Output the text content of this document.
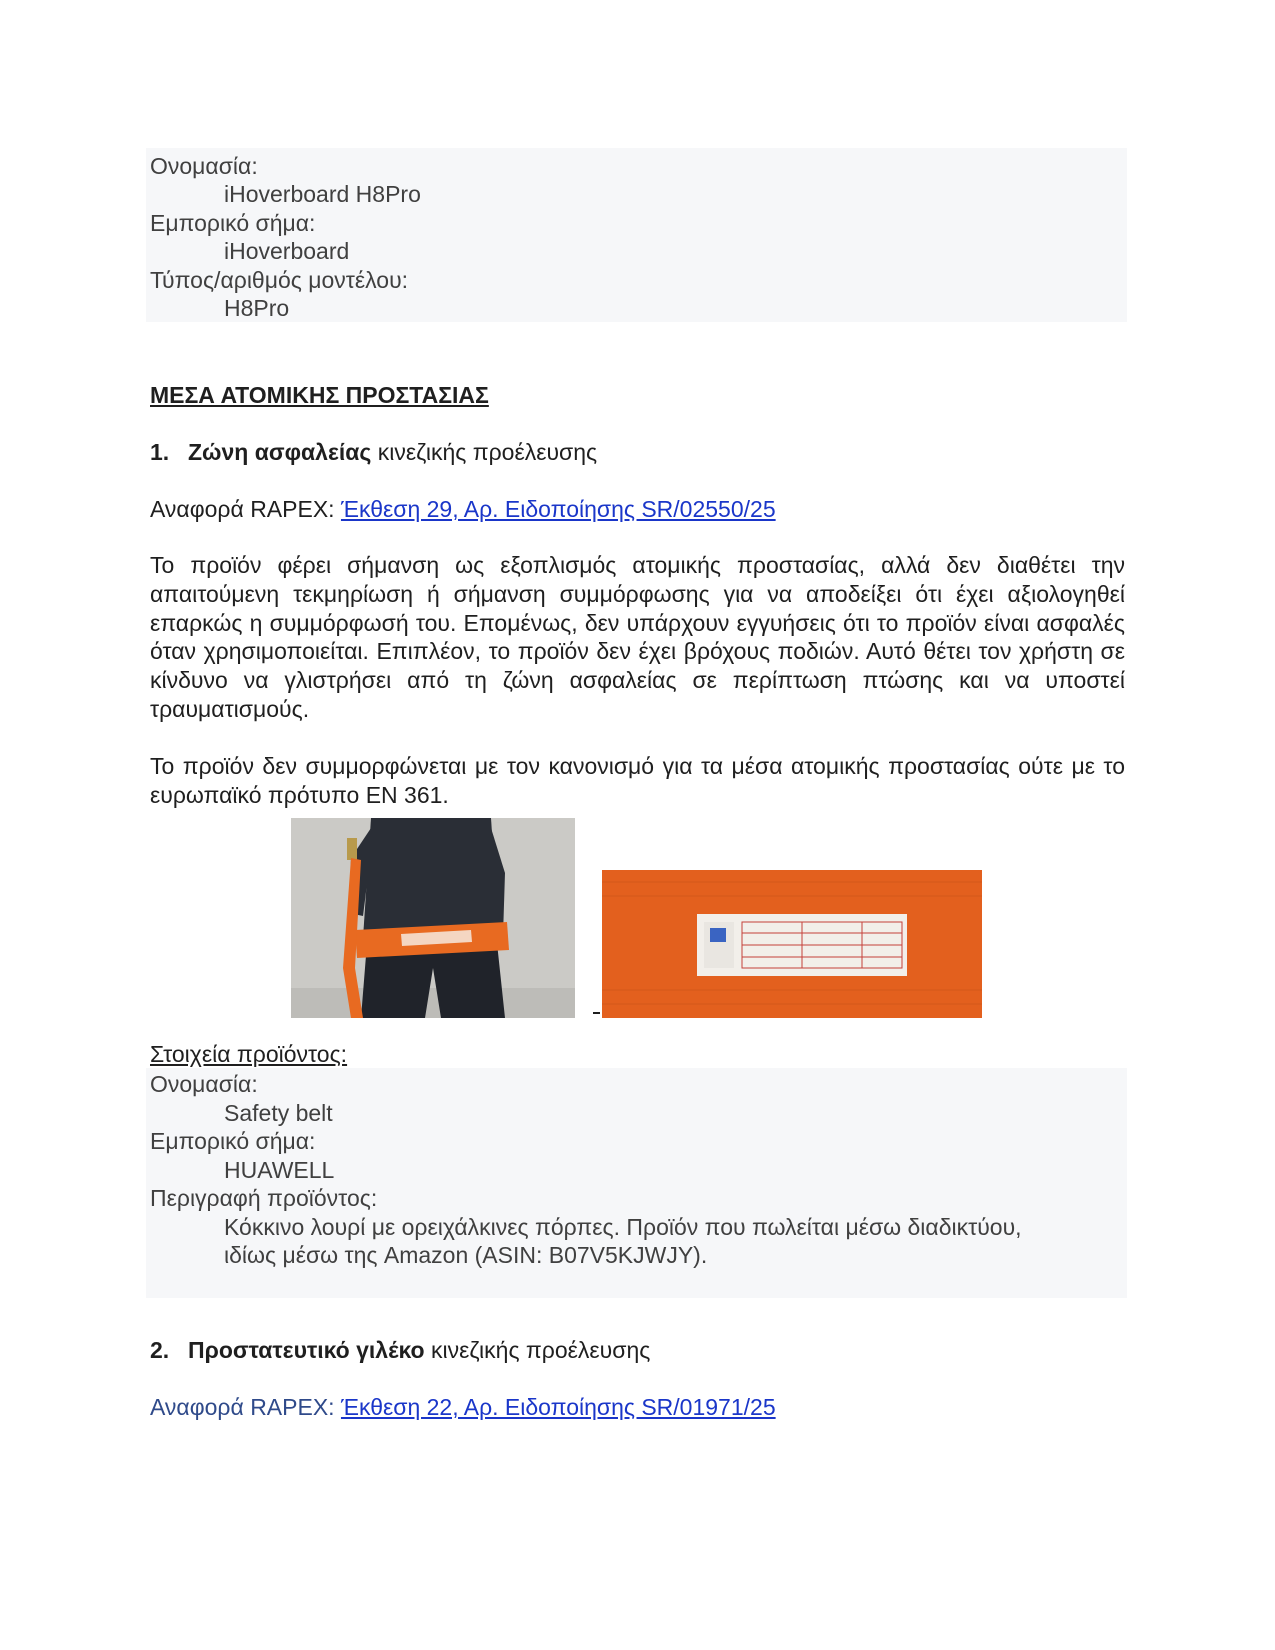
Ονομασία:
iHoverboard H8Pro
Εμπορικό σήμα:
iHoverboard
Τύπος/αριθμός μοντέλου:
H8Pro
ΜΕΣΑ ΑΤΟΜΙΚΗΣ ΠΡΟΣΤΑΣΙΑΣ
1. Ζώνη ασφαλείας κινεζικής προέλευσης
Αναφορά RAPEX: Έκθεση 29, Αρ. Ειδοποίησης SR/02550/25
Το προϊόν φέρει σήμανση ως εξοπλισμός ατομικής προστασίας, αλλά δεν διαθέτει την απαιτούμενη τεκμηρίωση ή σήμανση συμμόρφωσης για να αποδείξει ότι έχει αξιολογηθεί επαρκώς η συμμόρφωσή του. Επομένως, δεν υπάρχουν εγγυήσεις ότι το προϊόν είναι ασφαλές όταν χρησιμοποιείται. Επιπλέον, το προϊόν δεν έχει βρόχους ποδιών. Αυτό θέτει τον χρήστη σε κίνδυνο να γλιστρήσει από τη ζώνη ασφαλείας σε περίπτωση πτώσης και να υποστεί τραυματισμούς.
Το προϊόν δεν συμμορφώνεται με τον κανονισμό για τα μέσα ατομικής προστασίας ούτε με το ευρωπαϊκό πρότυπο EN 361.
Στοιχεία προϊόντος:
Ονομασία:
Safety belt
Εμπορικό σήμα:
HUAWELL
Περιγραφή προϊόντος:
Κόκκινο λουρί με ορειχάλκινες πόρπες. Προϊόν που πωλείται μέσω διαδικτύου,
ιδίως μέσω της Amazon (ASIN: B07V5KJWJY).
2. Προστατευτικό γιλέκο κινεζικής προέλευσης
Αναφορά RAPEX: Έκθεση 22, Αρ. Ειδοποίησης SR/01971/25
